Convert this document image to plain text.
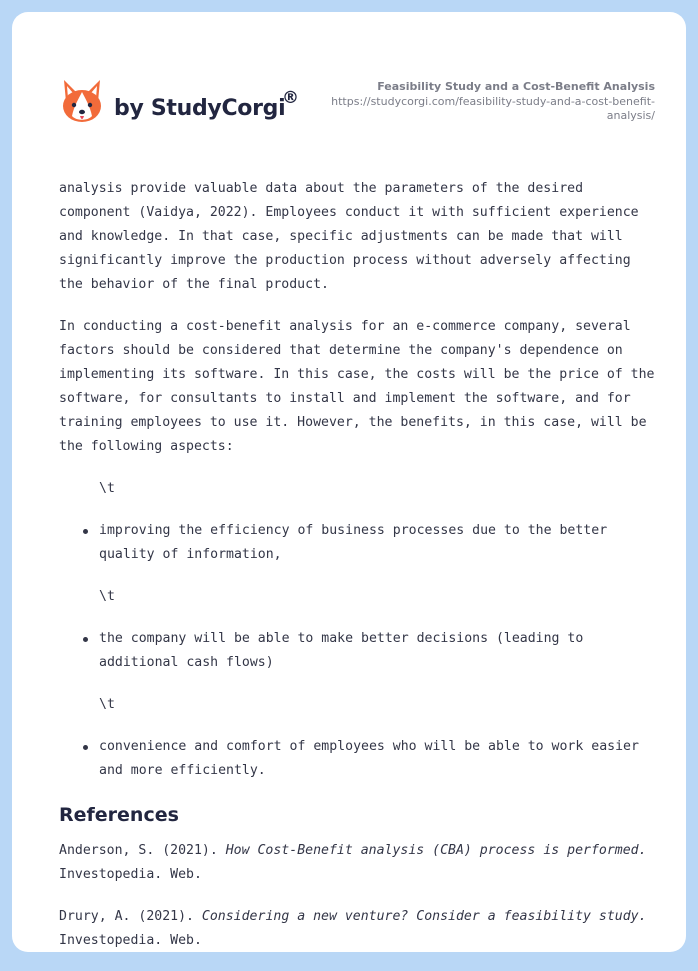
by StudyCorgi
®
Feasibility Study and a Cost-Benefit Analysis
https://studycorgi.com/feasibility-study-and-a-cost-benefit-
analysis/

analysis provide valuable data about the parameters of the desired component (Vaidya, 2022). Employees conduct it with sufficient experience and knowledge. In that case, specific adjustments can be made that will significantly improve the production process without adversely affecting the behavior of the final product.

In conducting a cost-benefit analysis for an e-commerce company, several factors should be considered that determine the company's dependence on implementing its software. In this case, the costs will be the price of the software, for consultants to install and implement the software, and for training employees to use it. However, the benefits, in this case, will be the following aspects:

\t
improving the efficiency of business processes due to the better quality of information,
\t
the company will be able to make better decisions (leading to additional cash flows)
\t
convenience and comfort of employees who will be able to work easier and more efficiently.
References
Anderson, S. (2021). How Cost-Benefit analysis (CBA) process is performed. Investopedia. Web.
Drury, A. (2021). Considering a new venture? Consider a feasibility study. Investopedia. Web.
